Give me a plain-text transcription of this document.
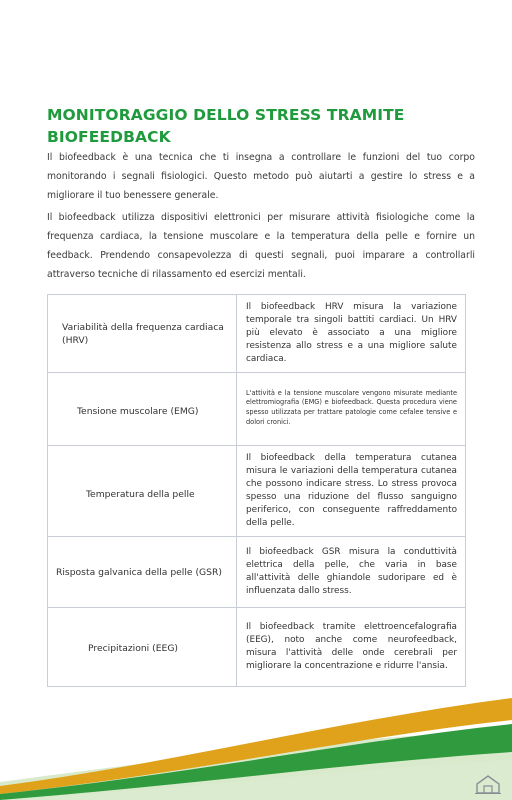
MONITORAGGIO DELLO STRESS TRAMITE BIOFEEDBACK
Il biofeedback è una tecnica che ti insegna a controllare le funzioni del tuo corpo monitorando i segnali fisiologici. Questo metodo può aiutarti a gestire lo stress e a migliorare il tuo benessere generale.
Il biofeedback utilizza dispositivi elettronici per misurare attività fisiologiche come la frequenza cardiaca, la tensione muscolare e la temperatura della pelle e fornire un feedback. Prendendo consapevolezza di questi segnali, puoi imparare a controllarli attraverso tecniche di rilassamento ed esercizi mentali.
Variabilità della frequenza cardiaca (HRV)	Il biofeedback HRV misura la variazione temporale tra singoli battiti cardiaci. Un HRV più elevato è associato a una migliore resistenza allo stress e a una migliore salute cardiaca.
Tensione muscolare (EMG)	L'attività e la tensione muscolare vengono misurate mediante elettromiografia (EMG) e biofeedback. Questa procedura viene spesso utilizzata per trattare patologie come cefalee tensive e dolori cronici.
Temperatura della pelle	Il biofeedback della temperatura cutanea misura le variazioni della temperatura cutanea che possono indicare stress. Lo stress provoca spesso una riduzione del flusso sanguigno periferico, con conseguente raffreddamento della pelle.
Risposta galvanica della pelle (GSR)	Il biofeedback GSR misura la conduttività elettrica della pelle, che varia in base all'attività delle ghiandole sudoripare ed è influenzata dallo stress.
Precipitazioni (EEG)	Il biofeedback tramite elettroencefalografia (EEG), noto anche come neurofeedback, misura l'attività delle onde cerebrali per migliorare la concentrazione e ridurre l'ansia.
